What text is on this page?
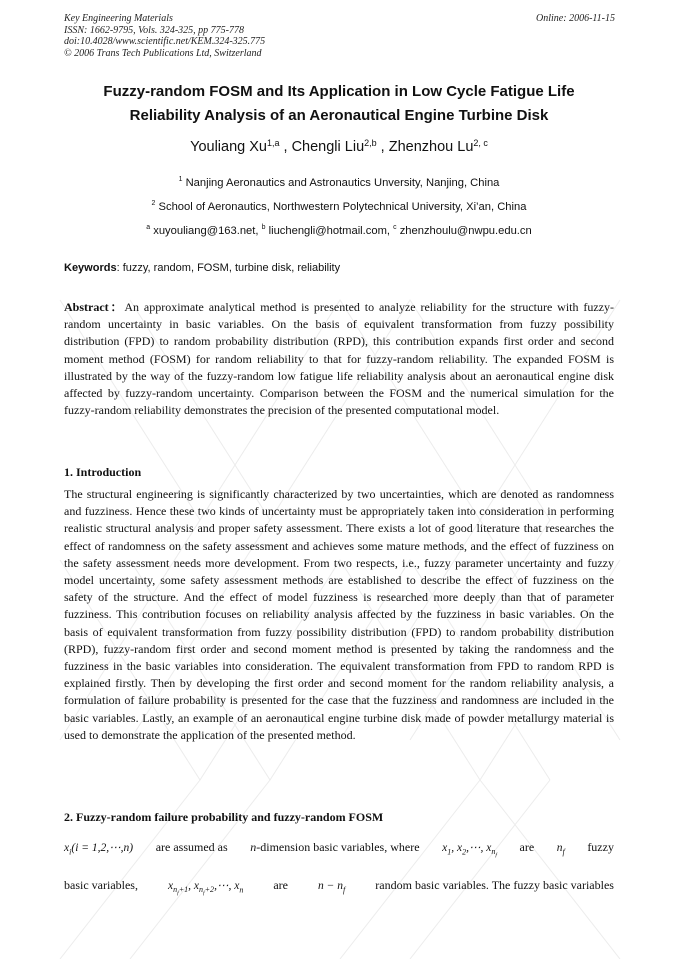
Key Engineering Materials
ISSN: 1662-9795, Vols. 324-325, pp 775-778
doi:10.4028/www.scientific.net/KEM.324-325.775
© 2006 Trans Tech Publications Ltd, Switzerland
Online: 2006-11-15
Fuzzy-random FOSM and Its Application in Low Cycle Fatigue Life
Reliability Analysis of an Aeronautical Engine Turbine Disk
Youliang Xu$^{1,a}$ , Chengli Liu$^{2,b}$ , Zhenzhou Lu$^{2, c}$
$^1$ Nanjing Aeronautics and Astronautics Unversity, Nanjing, China
$^2$ School of Aeronautics, Northwestern Polytechnical University, Xi’an, China
$^a$ xuyouliang@163.net, $^b$ liuchengli@hotmail.com, $^c$ zhenzhoulu@nwpu.edu.cn
Keywords: fuzzy, random, FOSM, turbine disk, reliability

Abstract：An approximate analytical method is presented to analyze reliability for the structure with fuzzy-random uncertainty in basic variables. On the basis of equivalent transformation from fuzzy possibility distribution (FPD) to random probability distribution (RPD), this contribution expands first order and second moment method (FOSM) for random reliability to that for fuzzy-random reliability. The expanded FOSM is illustrated by the way of the fuzzy-random low fatigue life reliability analysis about an aeronautical engine disk affected by fuzzy-random uncertainty. Comparison between the FOSM and the numerical simulation for the fuzzy-random reliability demonstrates the precision of the presented computational model.

1. Introduction

The structural engineering is significantly characterized by two uncertainties, which are denoted as randomness and fuzziness. Hence these two kinds of uncertainty must be appropriately taken into consideration in performing realistic structural analysis and proper safety assessment. There exists a lot of good literature that researches the effect of randomness on the safety assessment and achieves some mature methods, and the effect of fuzziness on the safety assessment needs more development. From two respects, i.e., fuzzy parameter uncertainty and fuzzy model uncertainty, some safety assessment methods are established to describe the effect of fuzziness on the safety of the structure. And the effect of model fuzziness is researched more deeply than that of parameter fuzziness. This contribution focuses on reliability analysis affected by the fuzziness in basic variables. On the basis of equivalent transformation from fuzzy possibility distribution (FPD) to random probability distribution (RPD), fuzzy-random first order and second moment method is presented by taking the randomness and the fuzziness in the basic variables into consideration. The equivalent transformation from FPD to random RPD is explained firstly. Then by developing the first order and second moment for the random reliability analysis, a formulation of failure probability is presented for the case that the fuzziness and randomness are included in the basic variables. Lastly, an example of an aeronautical engine turbine disk made of powder metallurgy material is used to demonstrate the application of the presented method.

2. Fuzzy-random failure probability and fuzzy-random FOSM
$x_i(i$ = 1,2,⋯,n) are assumed as n-dimension basic variables, where $x_1$, $x_2,\cdots$, $x_{n_f}$
are $n_f$ fuzzy
basic variables,	$x_{n_f+1}$, $x_{n_f+2},\cdots$, $x_n$	are	$n - n_f$	random basic variables. The fuzzy basic variables
